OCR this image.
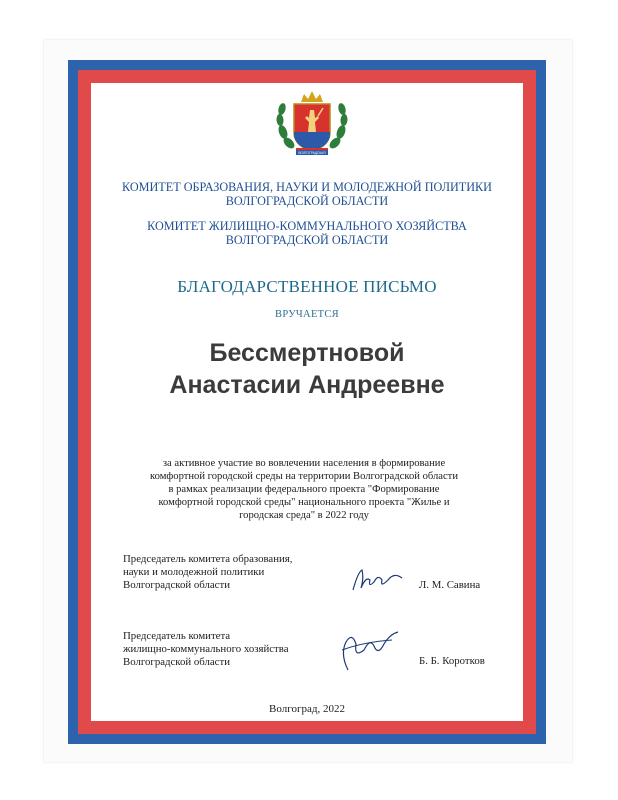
ВОЛГОГРАДСКАЯ
КОМИТЕТ ОБРАЗОВАНИЯ, НАУКИ И МОЛОДЕЖНОЙ ПОЛИТИКИ
ВОЛГОГРАДСКОЙ ОБЛАСТИ
КОМИТЕТ ЖИЛИЩНО-КОММУНАЛЬНОГО ХОЗЯЙСТВА
ВОЛГОГРАДСКОЙ ОБЛАСТИ
БЛАГОДАРСТВЕННОЕ ПИСЬМО
ВРУЧАЕТСЯ
Бессмертновой
Анастасии Андреевне
за активное участие во вовлечении населения в формирование
комфортной городской среды на территории Волгоградской области
в рамках реализации федерального проекта "Формирование
комфортной городской среды" национального проекта "Жилье и
городская среда" в 2022 году
Председатель комитета образования,
науки и молодежной политики
Волгоградской области	Л. М. Савина
Председатель комитета
жилищно-коммунального хозяйства
Волгоградской области	Б. Б. Коротков
Волгоград, 2022
